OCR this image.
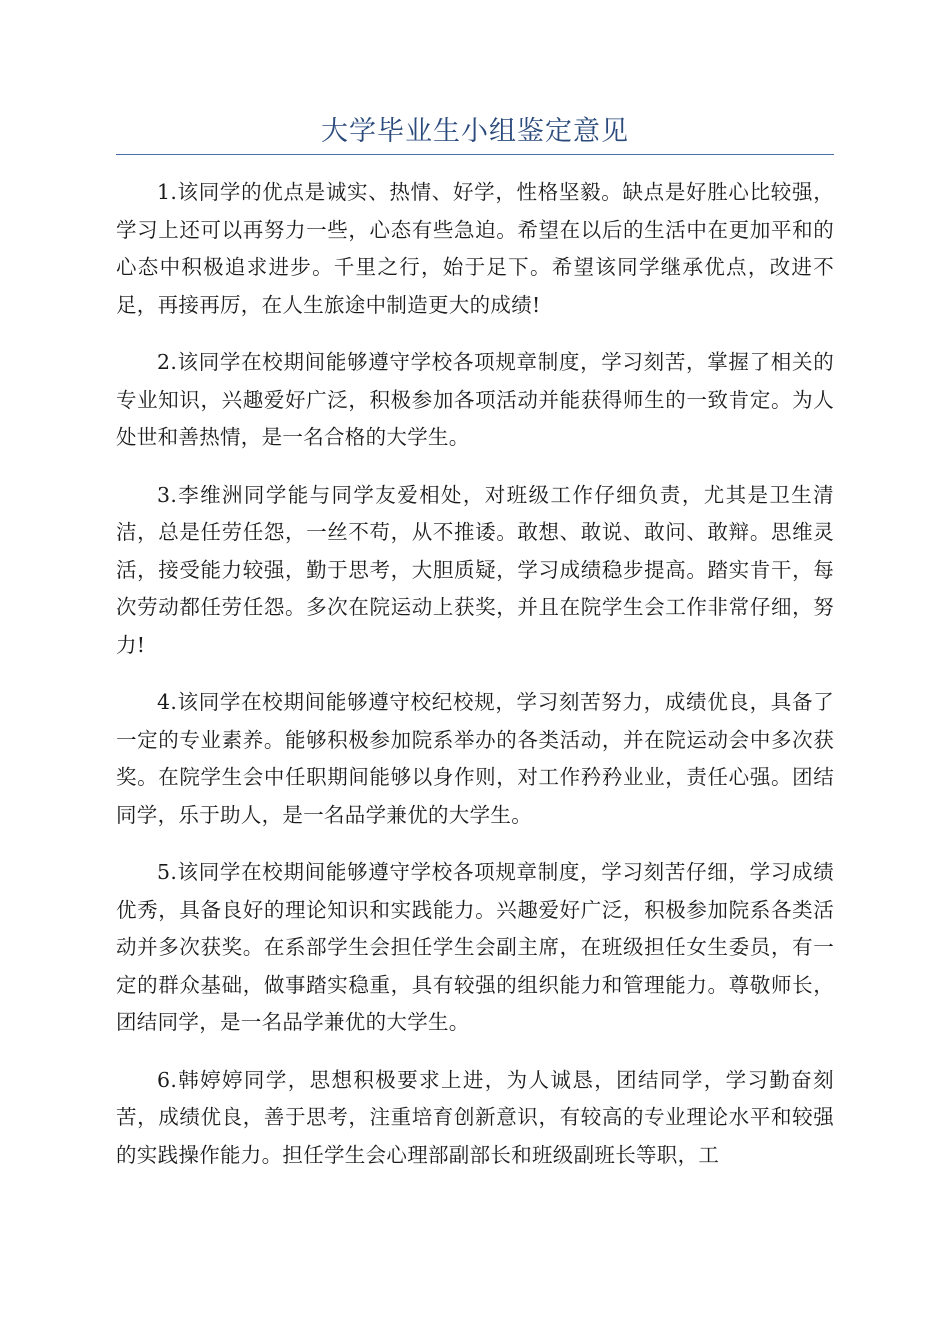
大学毕业生小组鉴定意见

1.该同学的优点是诚实、热情、好学，性格坚毅。缺点是好胜心比较强，学习上还可以再努力一些，心态有些急迫。希望在以后的生活中在更加平和的心态中积极追求进步。千里之行，始于足下。希望该同学继承优点，改进不足，再接再厉，在人生旅途中制造更大的成绩!

2.该同学在校期间能够遵守学校各项规章制度，学习刻苦，掌握了相关的专业知识，兴趣爱好广泛，积极参加各项活动并能获得师生的一致肯定。为人处世和善热情，是一名合格的大学生。

3.李维洲同学能与同学友爱相处，对班级工作仔细负责，尤其是卫生清洁，总是任劳任怨，一丝不苟，从不推诿。敢想、敢说、敢问、敢辩。思维灵活，接受能力较强，勤于思考，大胆质疑，学习成绩稳步提高。踏实肯干，每次劳动都任劳任怨。多次在院运动上获奖，并且在院学生会工作非常仔细，努力!

4.该同学在校期间能够遵守校纪校规，学习刻苦努力，成绩优良，具备了一定的专业素养。能够积极参加院系举办的各类活动，并在院运动会中多次获奖。在院学生会中任职期间能够以身作则，对工作矜矜业业，责任心强。团结同学，乐于助人，是一名品学兼优的大学生。

5.该同学在校期间能够遵守学校各项规章制度，学习刻苦仔细，学习成绩优秀，具备良好的理论知识和实践能力。兴趣爱好广泛，积极参加院系各类活动并多次获奖。在系部学生会担任学生会副主席，在班级担任女生委员，有一定的群众基础，做事踏实稳重，具有较强的组织能力和管理能力。尊敬师长，团结同学，是一名品学兼优的大学生。

6.韩婷婷同学，思想积极要求上进，为人诚恳，团结同学，学习勤奋刻苦，成绩优良，善于思考，注重培育创新意识，有较高的专业理论水平和较强的实践操作能力。担任学生会心理部副部长和班级副班长等职，工
